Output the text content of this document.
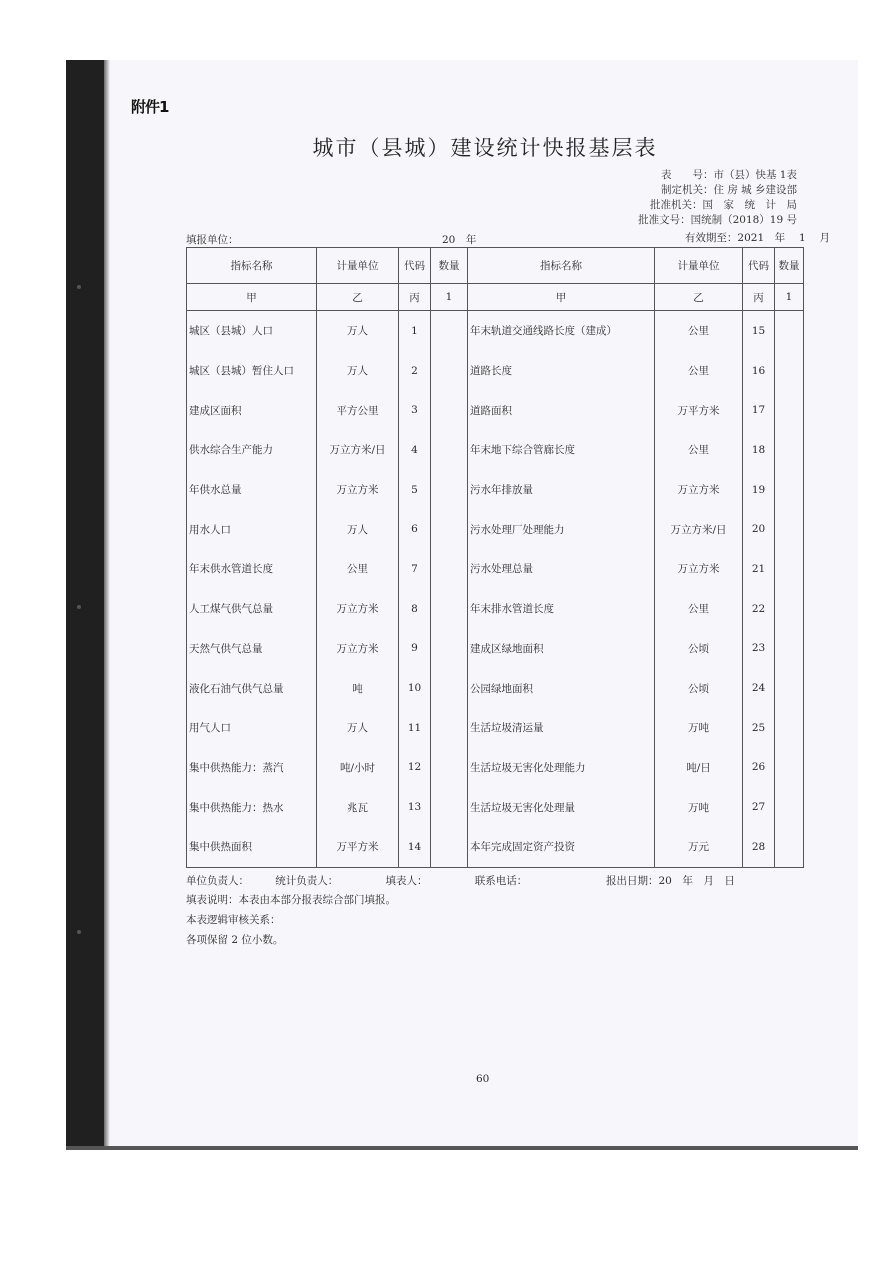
附件1
城市（县城）建设统计快报基层表
表　　号：市（县）快基 1表
制定机关：住 房 城 乡建设部
批准机关：国　家　统　计　局
批准文号：国统制（2018）19 号
填报单位：	20　年	有效期至：2021　年　 1　 月
指标名称	计量单位	代码	数量	指标名称	计量单位	代码	数量
甲	乙	丙	1	甲	乙	丙	1
城区（县城）人口	万人	1		年末轨道交通线路长度（建成）	公里	15	
城区（县城）暂住人口	万人	2		道路长度	公里	16	
建成区面积	平方公里	3		道路面积	万平方米	17	
供水综合生产能力	万立方米/日	4		年末地下综合管廊长度	公里	18	
年供水总量	万立方米	5		污水年排放量	万立方米	19	
用水人口	万人	6		污水处理厂处理能力	万立方米/日	20	
年末供水管道长度	公里	7		污水处理总量	万立方米	21	
人工煤气供气总量	万立方米	8		年末排水管道长度	公里	22	
天然气供气总量	万立方米	9		建成区绿地面积	公顷	23	
液化石油气供气总量	吨	10		公园绿地面积	公顷	24	
用气人口	万人	11		生活垃圾清运量	万吨	25	
集中供热能力：蒸汽	吨/小时	12		生活垃圾无害化处理能力	吨/日	26	
集中供热能力：热水	兆瓦	13		生活垃圾无害化处理量	万吨	27	
集中供热面积	万平方米	14		本年完成固定资产投资	万元	28	
单位负责人：　　　统计负责人：　　　　　填表人：　　　　　联系电话：　　　　　　　　报出日期：20　年　月　日
填表说明：本表由本部分报表综合部门填报。
本表逻辑审核关系：
各项保留 2 位小数。
60
